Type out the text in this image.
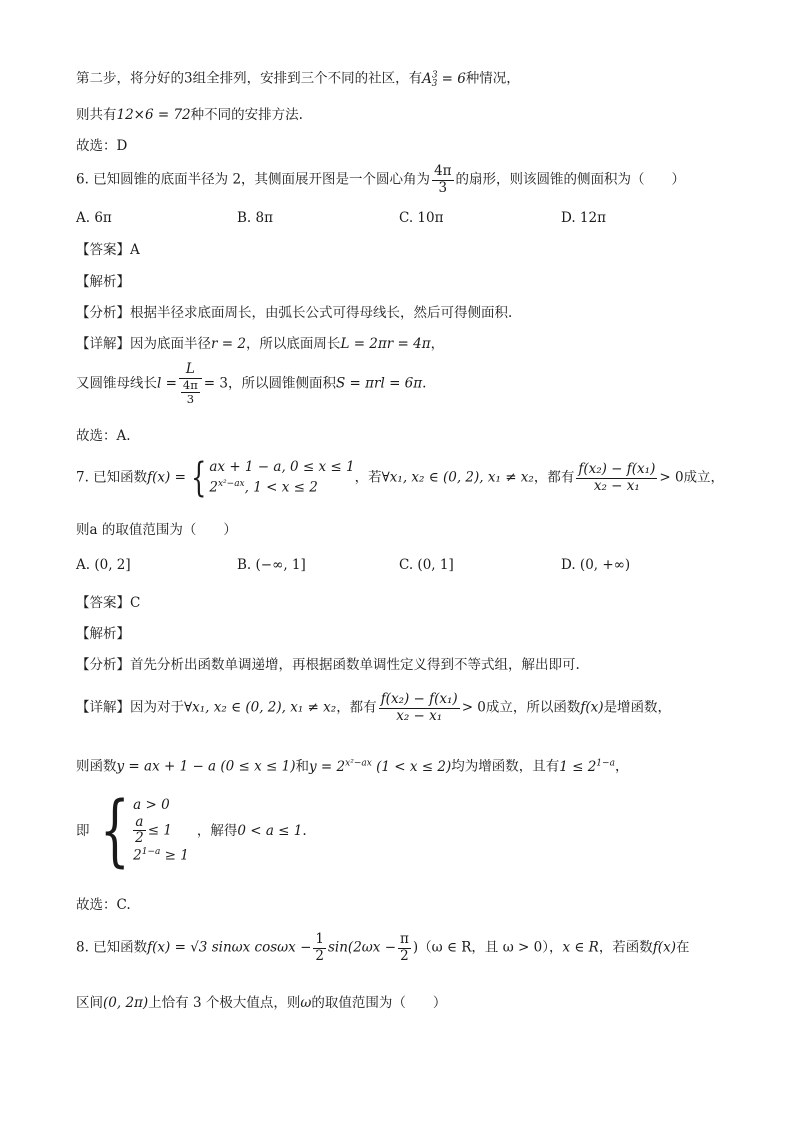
第二步，将分好的3组全排列，安排到三个不同的社区，有$A^3_3 = 6$种情况，
则共有12×6 = 72种不同的安排方法.
故选：D
6. 已知圆锥的底面半径为 2，其侧面展开图是一个圆心角为 $\frac{4\pi}{3}$ 的扇形，则该圆锥的侧面积为（　　）
A. 6π	B. 8π	C. 10π	D. 12π
【答案】A
【解析】
【分析】根据半径求底面周长，由弧长公式可得母线长，然后可得侧面积.
【详解】因为底面半径r = 2，所以底面周长L = 2πr = 4π，
又圆锥母线长$l = \frac{L}{\frac{4\pi}{3}} = 3$，所以圆锥侧面积S = πrl = 6π.
故选：A.
7. 已知函数f(x) = { ax + 1 − a, 0 ≤ x ≤ 1
$2^{x^2-ax}$, 1 < x ≤ 2
，若∀x₁, x₂ ∈ (0, 2), x₁ ≠ x₂，都有 $\frac{\text{f(x₂) − f(x₁)}}{\text{x₂ − x₁}} > 0$成立，
则a 的取值范围为（　　）
A. (0, 2]	B. (−∞, 1]	C. (0, 1]	D. (0, +∞)
【答案】C
【解析】
【分析】首先分析出函数单调递增，再根据函数单调性定义得到不等式组，解出即可.
【详解】因为对于∀x₁, x₂ ∈ (0, 2), x₁ ≠ x₂，都有 $\frac{\text{f(x₂) − f(x₁)}}{\text{x₂ − x₁}} > 0$成立，所以函数f(x)是增函数，
则函数y = ax + 1 − a (0 ≤ x ≤ 1)和$y = 2^{x^2-ax}$ (1 < x ≤ 2)均为增函数，且有$1 \le 2^{1-a}$，
即 { a > 0
$\frac{a}{2} \le 1$
$2^{1-a} \ge 1$
，解得0 < a ≤ 1.
故选：C.
8. 已知函数f(x) = √3 sinωx $\cos\omega x - \frac{1}{2} \sin(2\omega x - \frac{\pi}{2} )(\omega$ ∈ R，且 ω > 0），x ∈ R，若函数f(x)在
区间(0, 2π)上恰有 3 个极大值点，则ω的取值范围为（　　）
